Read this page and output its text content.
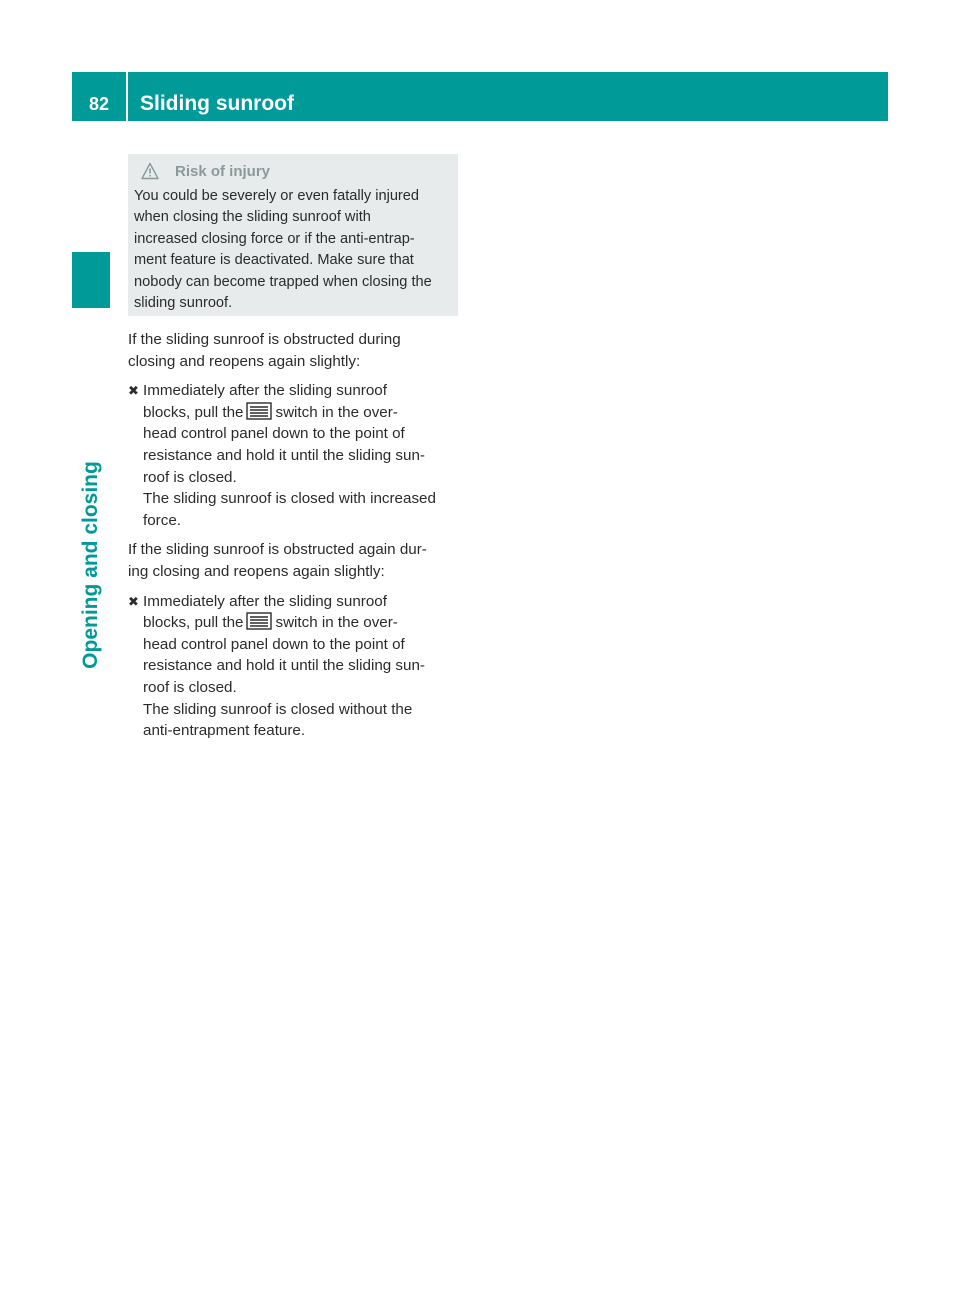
82	Sliding sunroof
Opening and closing
Risk of injury
You could be severely or even fatally injured
when closing the sliding sunroof with
increased closing force or if the anti-entrap-
ment feature is deactivated. Make sure that
nobody can become trapped when closing the
sliding sunroof.

If the sliding sunroof is obstructed during
closing and reopens again slightly:

✖ Immediately after the sliding sunroof
blocks, pull the switch in the over-
head control panel down to the point of
resistance and hold it until the sliding sun-
roof is closed.
The sliding sunroof is closed with increased
force.

If the sliding sunroof is obstructed again dur-
ing closing and reopens again slightly:

✖ Immediately after the sliding sunroof
blocks, pull the switch in the over-
head control panel down to the point of
resistance and hold it until the sliding sun-
roof is closed.
The sliding sunroof is closed without the
anti-entrapment feature.
